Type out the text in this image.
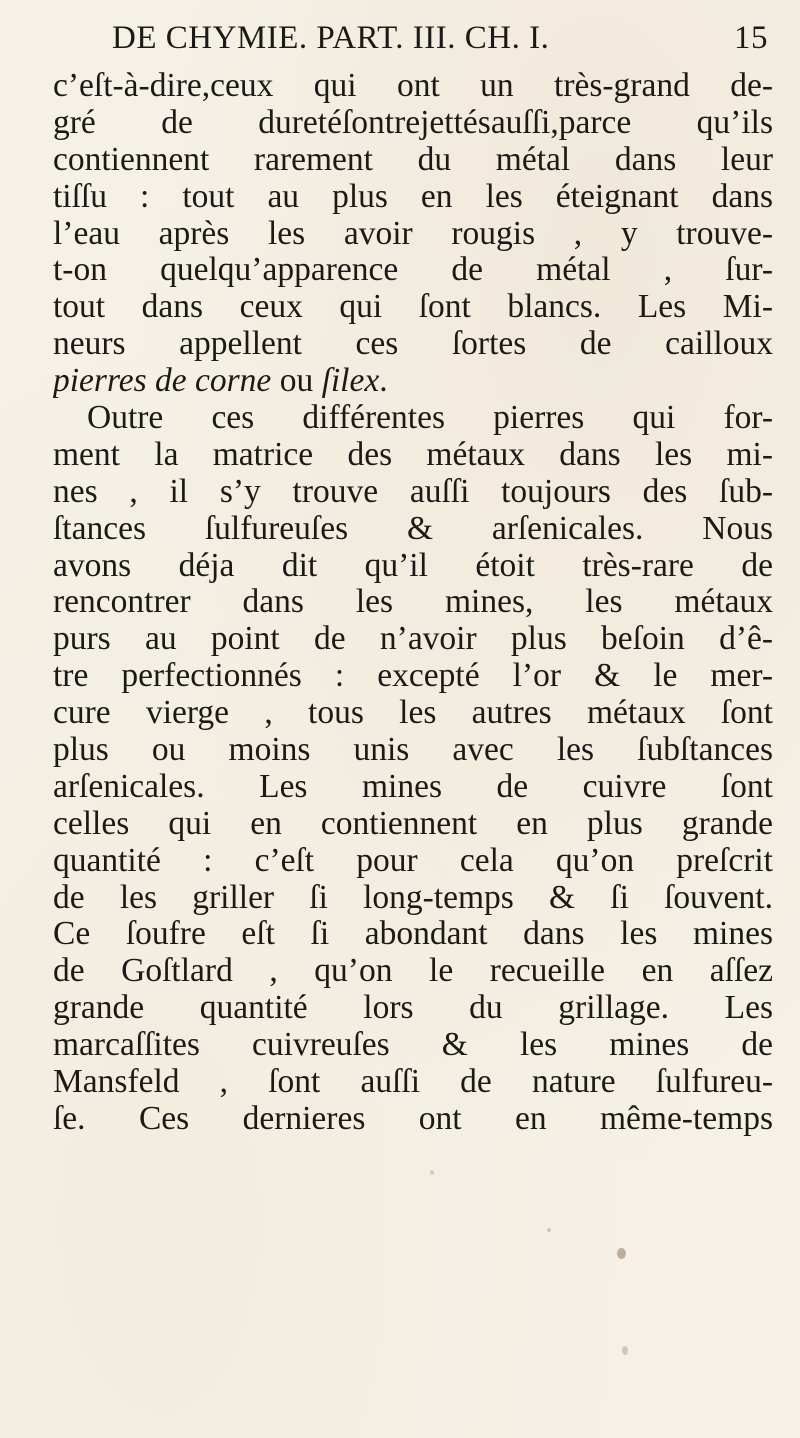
DE CHYMIE. PART. III. CH. I.	15
c’eſt-à-dire,ceux qui ont un très-grand de-
gré de duretéſontrejettésauſſi,parce qu’ils
contiennent rarement du métal dans leur
tiſſu : tout au plus en les éteignant dans
l’eau après les avoir rougis , y trouve-
t-on quelqu’apparence de métal , ſur-
tout dans ceux qui ſont blancs. Les Mi-
neurs appellent ces ſortes de cailloux
pierres de corne ou ſilex.
Outre ces différentes pierres qui for-
ment la matrice des métaux dans les mi-
nes , il s’y trouve auſſi toujours des ſub-
ſtances ſulfureuſes & arſenicales. Nous
avons déja dit qu’il étoit très-rare de
rencontrer dans les mines, les métaux
purs au point de n’avoir plus beſoin d’ê-
tre perfectionnés : excepté l’or & le mer-
cure vierge , tous les autres métaux ſont
plus ou moins unis avec les ſubſtances
arſenicales. Les mines de cuivre ſont
celles qui en contiennent en plus grande
quantité : c’eſt pour cela qu’on preſcrit
de les griller ſi long-temps & ſi ſouvent.
Ce ſoufre eſt ſi abondant dans les mines
de Goſtlard , qu’on le recueille en aſſez
grande quantité lors du grillage. Les
marcaſſites cuivreuſes & les mines de
Mansfeld , ſont auſſi de nature ſulfureu-
ſe. Ces dernieres ont en même-temps
